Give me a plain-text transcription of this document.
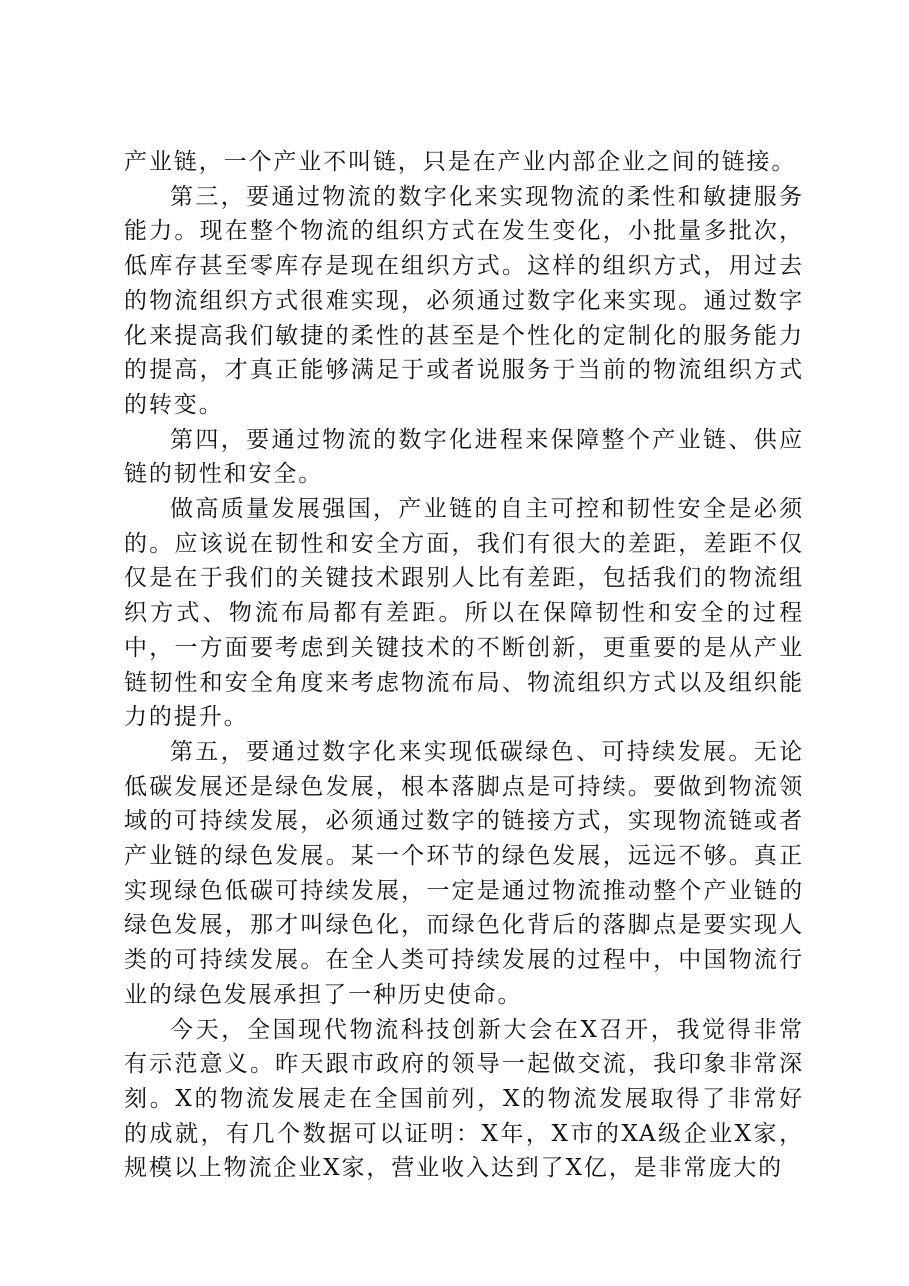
产业链，一个产业不叫链，只是在产业内部企业之间的链接。

第三，要通过物流的数字化来实现物流的柔性和敏捷服务能力。现在整个物流的组织方式在发生变化，小批量多批次，低库存甚至零库存是现在组织方式。这样的组织方式，用过去的物流组织方式很难实现，必须通过数字化来实现。通过数字化来提高我们敏捷的柔性的甚至是个性化的定制化的服务能力的提高，才真正能够满足于或者说服务于当前的物流组织方式的转变。

第四，要通过物流的数字化进程来保障整个产业链、供应链的韧性和安全。

做高质量发展强国，产业链的自主可控和韧性安全是必须的。应该说在韧性和安全方面，我们有很大的差距，差距不仅仅是在于我们的关键技术跟别人比有差距，包括我们的物流组织方式、物流布局都有差距。所以在保障韧性和安全的过程中，一方面要考虑到关键技术的不断创新，更重要的是从产业链韧性和安全角度来考虑物流布局、物流组织方式以及组织能力的提升。

第五，要通过数字化来实现低碳绿色、可持续发展。无论低碳发展还是绿色发展，根本落脚点是可持续。要做到物流领域的可持续发展，必须通过数字的链接方式，实现物流链或者产业链的绿色发展。某一个环节的绿色发展，远远不够。真正实现绿色低碳可持续发展，一定是通过物流推动整个产业链的绿色发展，那才叫绿色化，而绿色化背后的落脚点是要实现人类的可持续发展。在全人类可持续发展的过程中，中国物流行业的绿色发展承担了一种历史使命。

今天，全国现代物流科技创新大会在X召开，我觉得非常有示范意义。昨天跟市政府的领导一起做交流，我印象非常深刻。X的物流发展走在全国前列，X的物流发展取得了非常好的成就，有几个数据可以证明：X年，X市的XA级企业X家，规模以上物流企业X家，营业收入达到了X亿，是非常庞大的
